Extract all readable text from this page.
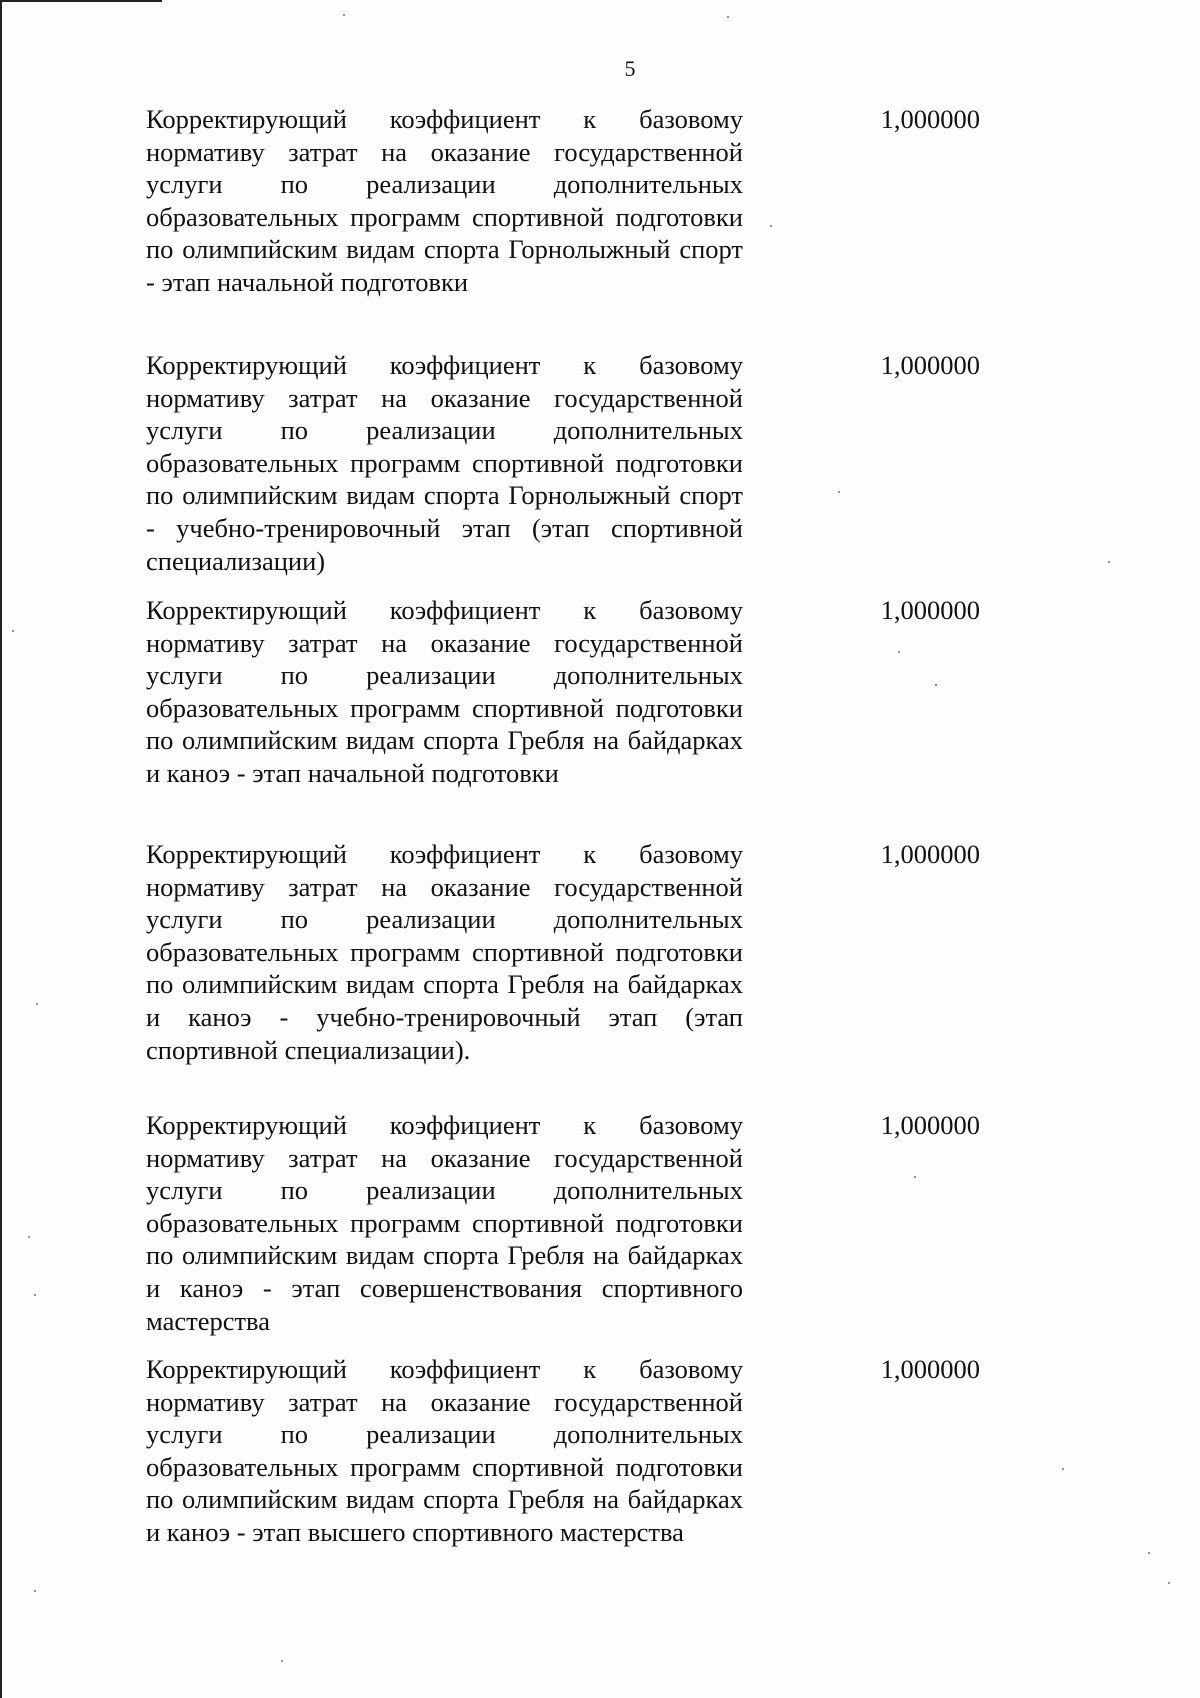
5
Корректирующий коэффициент к базовому нормативу затрат на оказание государственной услуги по реализации дополнительных образовательных программ спортивной подготовки по олимпийским видам спорта Горнолыжный спорт - этап начальной подготовки
1,000000
Корректирующий коэффициент к базовому нормативу затрат на оказание государственной услуги по реализации дополнительных образовательных программ спортивной подготовки по олимпийским видам спорта Горнолыжный спорт - учебно-тренировочный этап (этап спортивной специализации)
1,000000
Корректирующий коэффициент к базовому нормативу затрат на оказание государственной услуги по реализации дополнительных образовательных программ спортивной подготовки по олимпийским видам спорта Гребля на байдарках и каноэ - этап начальной подготовки
1,000000
Корректирующий коэффициент к базовому нормативу затрат на оказание государственной услуги по реализации дополнительных образовательных программ спортивной подготовки по олимпийским видам спорта Гребля на байдарках и каноэ - учебно-тренировочный этап (этап спортивной специализации).
1,000000
Корректирующий коэффициент к базовому нормативу затрат на оказание государственной услуги по реализации дополнительных образовательных программ спортивной подготовки по олимпийским видам спорта Гребля на байдарках и каноэ - этап совершенствования спортивного мастерства
1,000000
Корректирующий коэффициент к базовому нормативу затрат на оказание государственной услуги по реализации дополнительных образовательных программ спортивной подготовки по олимпийским видам спорта Гребля на байдарках и каноэ - этап высшего спортивного мастерства
1,000000
